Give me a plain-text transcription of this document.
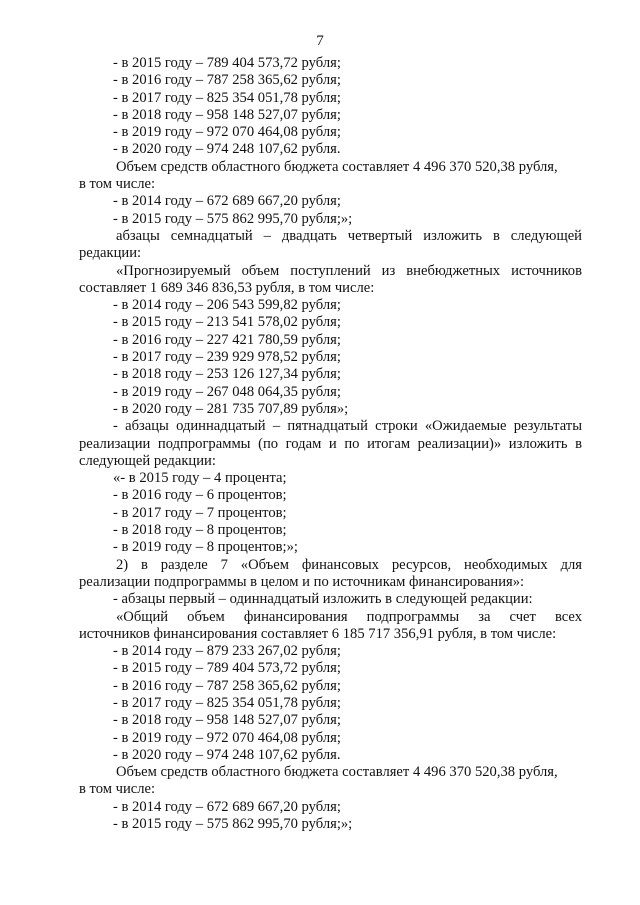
7
- в 2015 году – 789 404 573,72 рубля;
- в 2016 году – 787 258 365,62 рубля;
- в 2017 году – 825 354 051,78 рубля;
- в 2018 году – 958 148 527,07 рубля;
- в 2019 году – 972 070 464,08 рубля;
- в 2020 году – 974 248 107,62 рубля.
Объем средств областного бюджета составляет 4 496 370 520,38 рубля,
в том числе:
- в 2014 году – 672 689 667,20 рубля;
- в 2015 году – 575 862 995,70 рубля;»;
абзацы семнадцатый – двадцать четвертый изложить в следующей
редакции:
«Прогнозируемый объем поступлений из внебюджетных источников
составляет 1 689 346 836,53 рубля, в том числе:
- в 2014 году – 206 543 599,82 рубля;
- в 2015 году – 213 541 578,02 рубля;
- в 2016 году – 227 421 780,59 рубля;
- в 2017 году – 239 929 978,52 рубля;
- в 2018 году – 253 126 127,34 рубля;
- в 2019 году – 267 048 064,35 рубля;
- в 2020 году – 281 735 707,89 рубля»;
- абзацы одиннадцатый – пятнадцатый строки «Ожидаемые результаты
реализации подпрограммы (по годам и по итогам реализации)» изложить в
следующей редакции:
«- в 2015 году – 4 процента;
- в 2016 году – 6 процентов;
- в 2017 году – 7 процентов;
- в 2018 году – 8 процентов;
- в 2019 году – 8 процентов;»;
2) в разделе 7 «Объем финансовых ресурсов, необходимых для
реализации подпрограммы в целом и по источникам финансирования»:
- абзацы первый – одиннадцатый изложить в следующей редакции:
«Общий объем финансирования подпрограммы за счет всех
источников финансирования составляет 6 185 717 356,91 рубля, в том числе:
- в 2014 году – 879 233 267,02 рубля;
- в 2015 году – 789 404 573,72 рубля;
- в 2016 году – 787 258 365,62 рубля;
- в 2017 году – 825 354 051,78 рубля;
- в 2018 году – 958 148 527,07 рубля;
- в 2019 году – 972 070 464,08 рубля;
- в 2020 году – 974 248 107,62 рубля.
Объем средств областного бюджета составляет 4 496 370 520,38 рубля,
в том числе:
- в 2014 году – 672 689 667,20 рубля;
- в 2015 году – 575 862 995,70 рубля;»;
